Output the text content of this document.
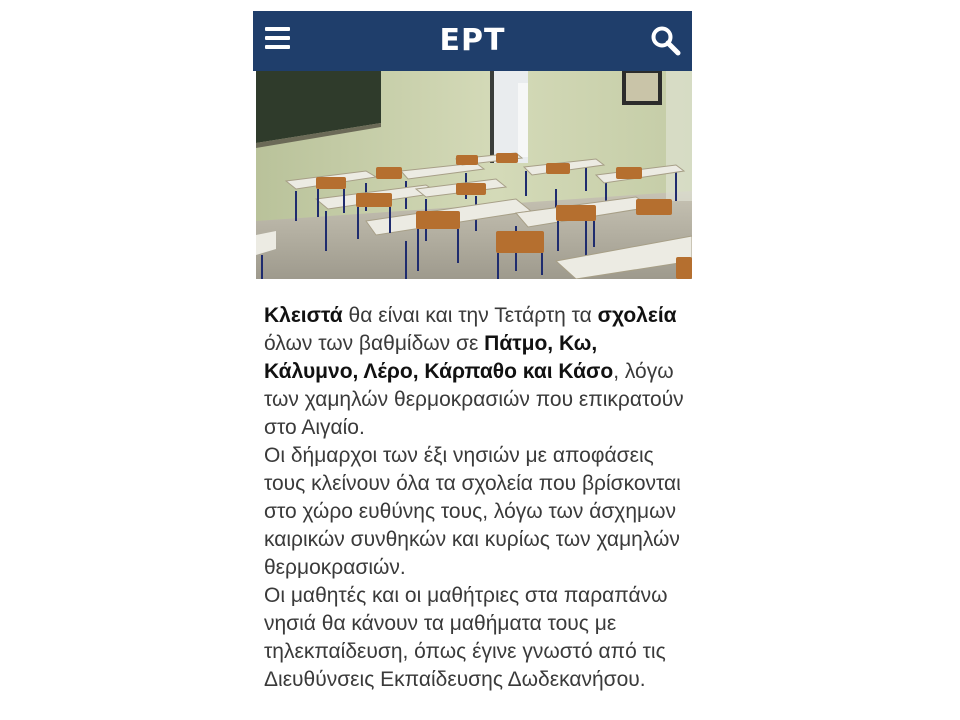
ΕΡΤ

Κλειστά θα είναι και την Τετάρτη τα σχολεία όλων των βαθμίδων σε Πάτμο, Κω, Κάλυμνο, Λέρο, Κάρπαθο και Κάσο, λόγω των χαμηλών θερμοκρασιών που επικρατούν στο Αιγαίο.

Οι δήμαρχοι των έξι νησιών με αποφάσεις τους κλείνουν όλα τα σχολεία που βρίσκονται στο χώρο ευθύνης τους, λόγω των άσχημων καιρικών συνθηκών και κυρίως των χαμηλών θερμοκρασιών.

Οι μαθητές και οι μαθήτριες στα παραπάνω νησιά θα κάνουν τα μαθήματα τους με τηλεκπαίδευση, όπως έγινε γνωστό από τις Διευθύνσεις Εκπαίδευσης Δωδεκανήσου.
